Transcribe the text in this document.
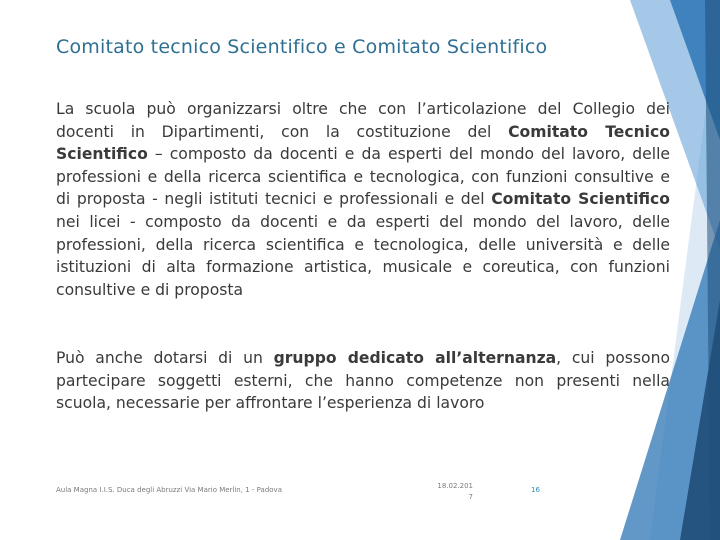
Comitato tecnico Scientifico e Comitato Scientifico
La scuola può organizzarsi oltre che con l’articolazione del Collegio dei docenti in Dipartimenti, con la costituzione del Comitato Tecnico Scientifico – composto da docenti e da esperti del mondo del lavoro, delle professioni e della ricerca scientifica e tecnologica, con funzioni consultive e di proposta - negli istituti tecnici e professionali e del Comitato Scientifico nei licei - composto da docenti e da esperti del mondo del lavoro, delle professioni, della ricerca scientifica e tecnologica, delle università e delle istituzioni di alta formazione artistica, musicale e coreutica, con funzioni consultive e di proposta
Può anche dotarsi di un gruppo dedicato all’alternanza, cui possono partecipare soggetti esterni, che hanno competenze non presenti nella scuola, necessarie per affrontare l’esperienza di lavoro
Aula Magna I.I.S. Duca degli Abruzzi Via Mario Merlin, 1 - Padova	18.02.201
7
16
